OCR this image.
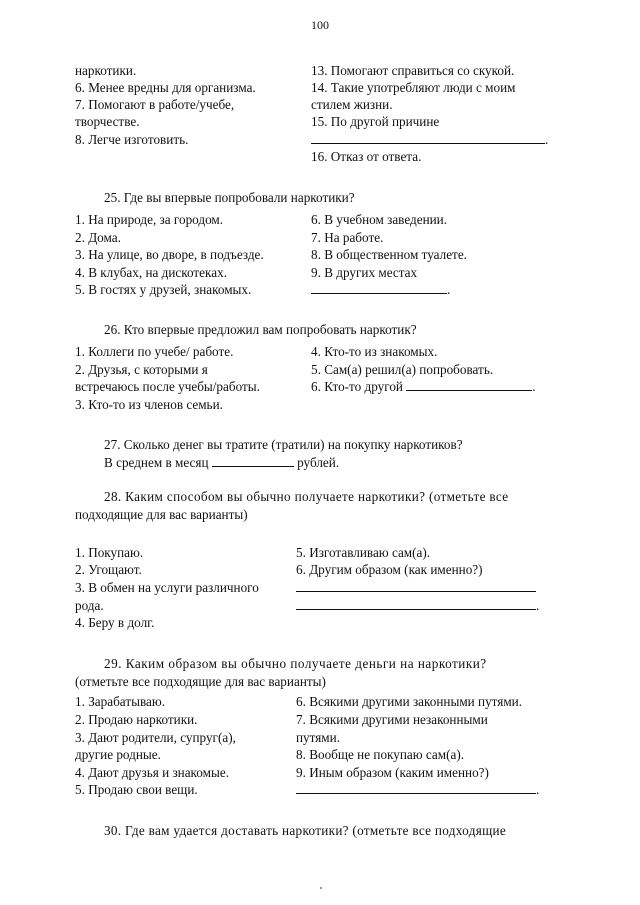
100
наркотики.
6. Менее вредны для организма.
7. Помогают в работе/учебе,
творчестве.
8. Легче изготовить.
13. Помогают справиться со скукой.
14. Такие употребляют люди с моим
стилем жизни.
15. По другой причине
.
16. Отказ от ответа.
25. Где вы впервые попробовали наркотики?
1. На природе, за городом.
2. Дома.
3. На улице, во дворе, в подъезде.
4. В клубах, на дискотеках.
5. В гостях у друзей, знакомых.
6. В учебном заведении.
7. На работе.
8. В общественном туалете.
9. В других местах
.
26. Кто впервые предложил вам попробовать наркотик?
1. Коллеги по учебе/ работе.
2. Друзья, с которыми я
встречаюсь после учебы/работы.
3. Кто-то из членов семьи.
4. Кто-то из знакомых.
5. Сам(а) решил(а) попробовать.
6. Кто-то другой	.
27. Сколько денег вы тратите (тратили) на покупку наркотиков?
В среднем в месяц	рублей.
28. Каким способом вы обычно получаете наркотики? (отметьте все
подходящие для вас варианты)
1. Покупаю.
2. Угощают.
3. В обмен на услуги различного
рода.
4. Беру в долг.
5. Изготавливаю сам(а).
6. Другим образом (как именно?)
.
29. Каким образом вы обычно получаете деньги на наркотики?
(отметьте все подходящие для вас варианты)
1. Зарабатываю.
2. Продаю наркотики.
3. Дают родители, супруг(а),
другие родные.
4. Дают друзья и знакомые.
5. Продаю свои вещи.
6. Всякими другими законными путями.
7. Всякими другими незаконными
путями.
8. Вообще не покупаю сам(а).
9. Иным образом (каким именно?)
.
30. Где вам удается доставать наркотики? (отметьте все подходящие
